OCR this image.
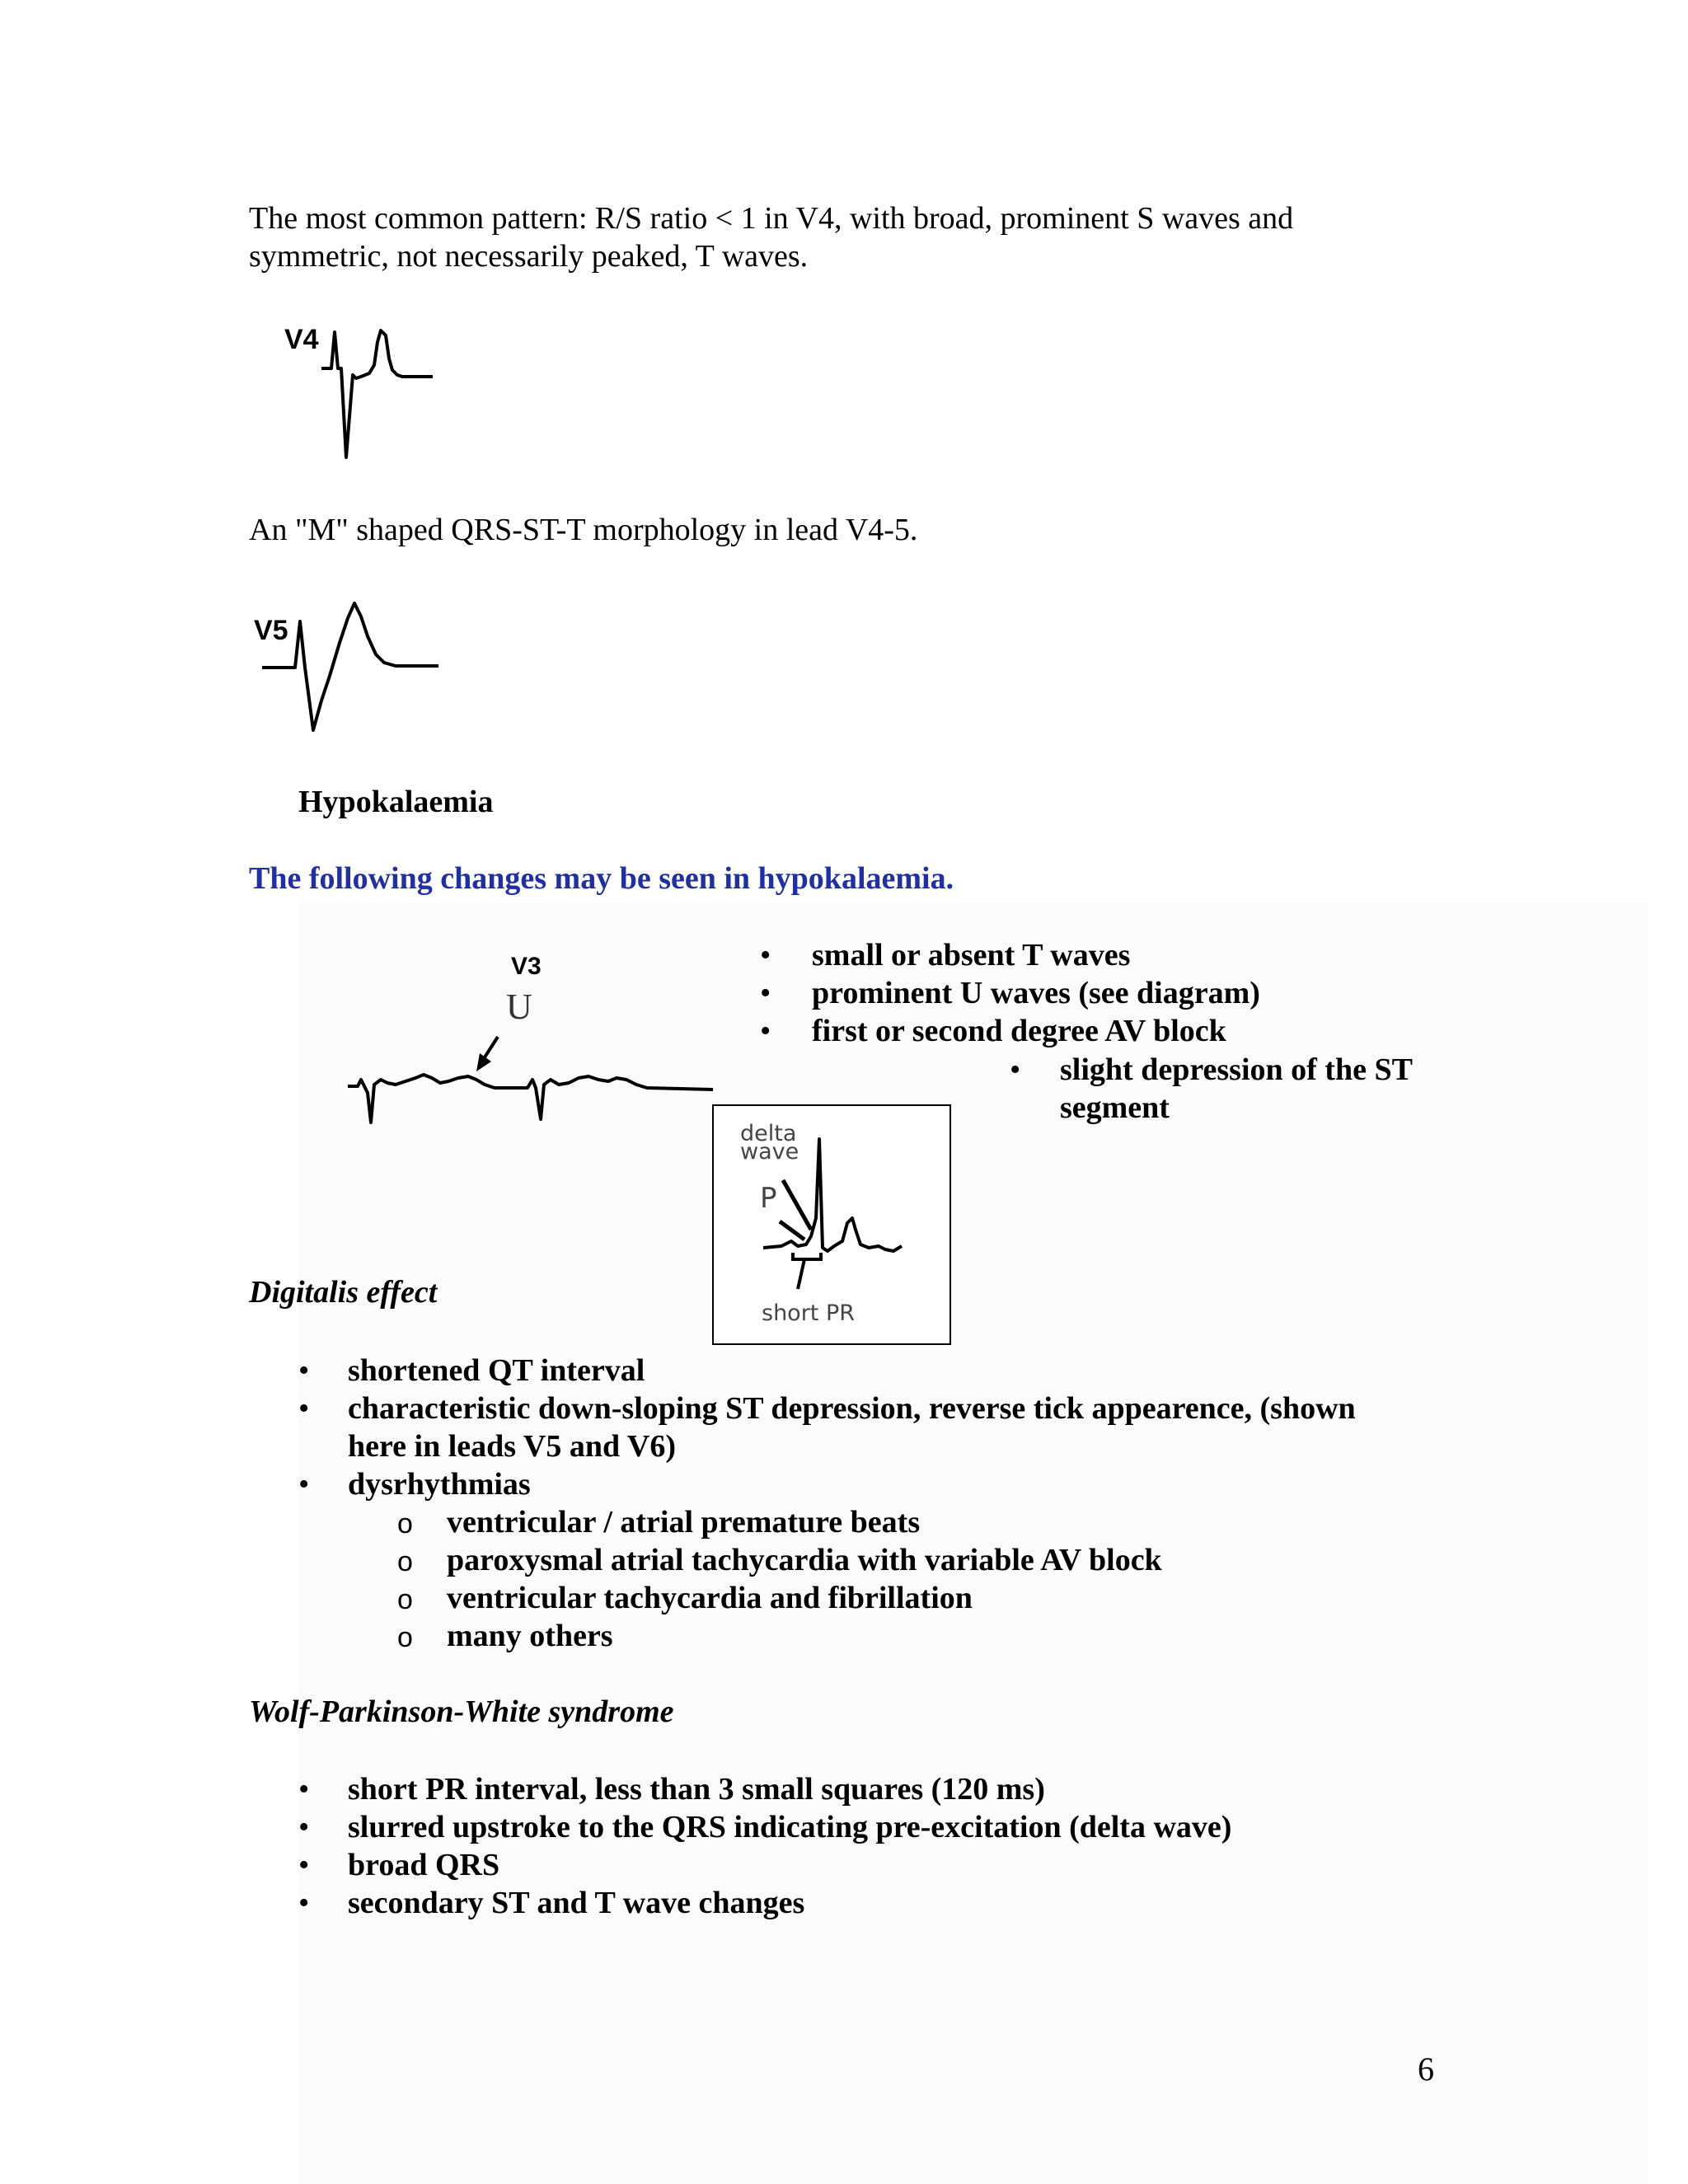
The most common pattern: R/S ratio < 1 in V4, with broad, prominent S waves and

symmetric, not necessarily peaked, T waves.

V4

An "M" shaped QRS-ST-T morphology in lead V4-5.

V5

Hypokalaemia

The following changes may be seen in hypokalaemia.

V3
U
• small or absent T waves
• prominent U waves (see diagram)
• first or second degree AV block
• slight depression of the ST
segment
delta
wave
P
short PR

Digitalis effect

• shortened QT interval
• characteristic down-sloping ST depression, reverse tick appearence, (shown
here in leads V5 and V6)
• dysrhythmias
o ventricular / atrial premature beats
o paroxysmal atrial tachycardia with variable AV block
o ventricular tachycardia and fibrillation
o many others

Wolf-Parkinson-White syndrome

• short PR interval, less than 3 small squares (120 ms)
• slurred upstroke to the QRS indicating pre-excitation (delta wave)
• broad QRS
• secondary ST and T wave changes
6
